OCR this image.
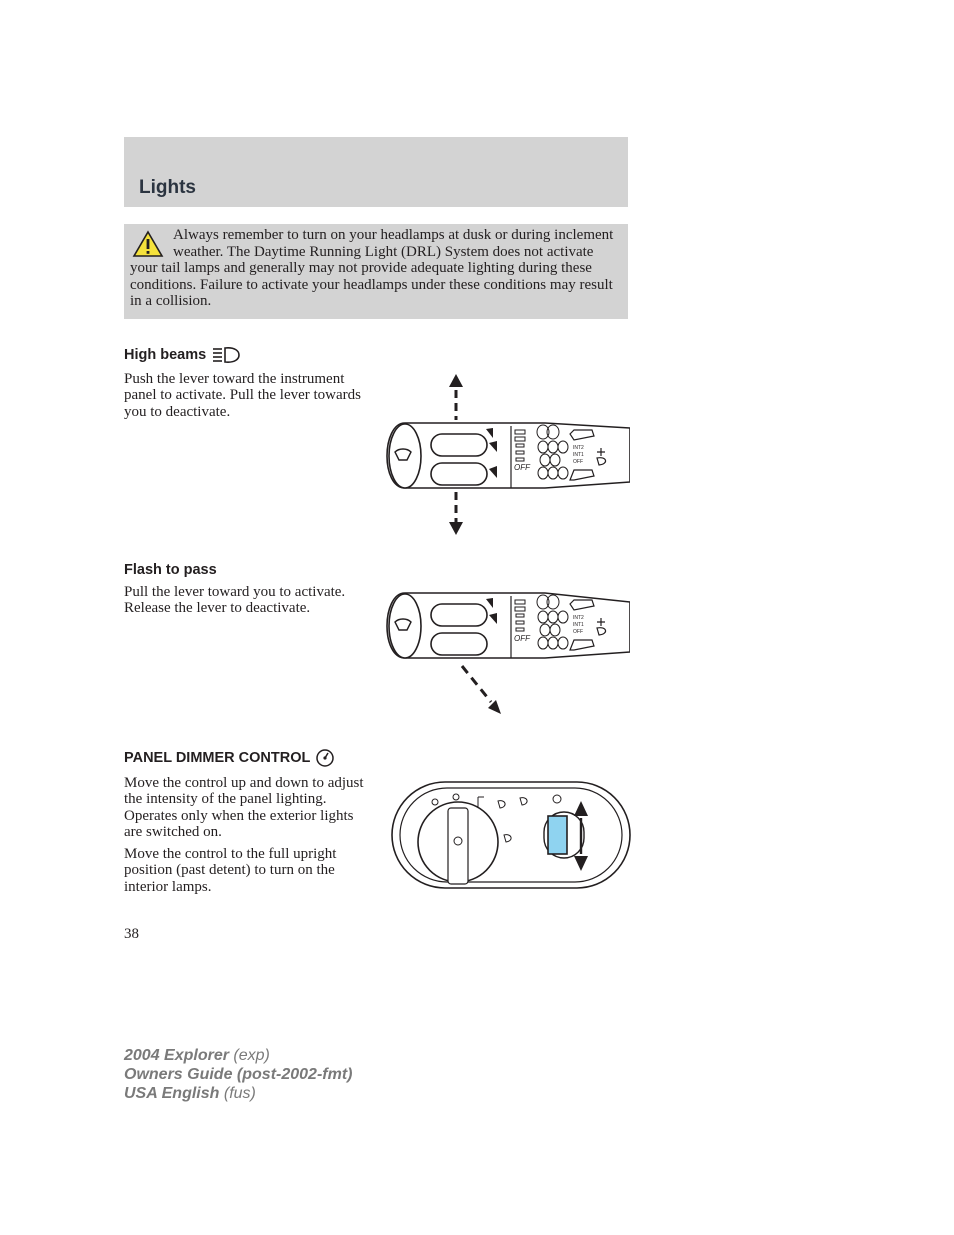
Lights

Always remember to turn on your headlamps at dusk or during inclement weather. The Daytime Running Light (DRL) System does not activate your tail lamps and generally may not provide adequate lighting during these conditions. Failure to activate your headlamps under these conditions may result in a collision.

High beams

Push the lever toward the instrument panel to activate. Pull the lever towards you to deactivate.

OFF
INT2
INT1
OFF
Flash to pass

Pull the lever toward you to activate. Release the lever to deactivate.

OFF
INT2
INT1
OFF
PANEL DIMMER CONTROL

Move the control up and down to adjust the intensity of the panel lighting. Operates only when the exterior lights are switched on.

Move the control to the full upright position (past detent) to turn on the interior lamps.

38

2004 Explorer (exp)
Owners Guide (post-2002-fmt)
USA English (fus)
